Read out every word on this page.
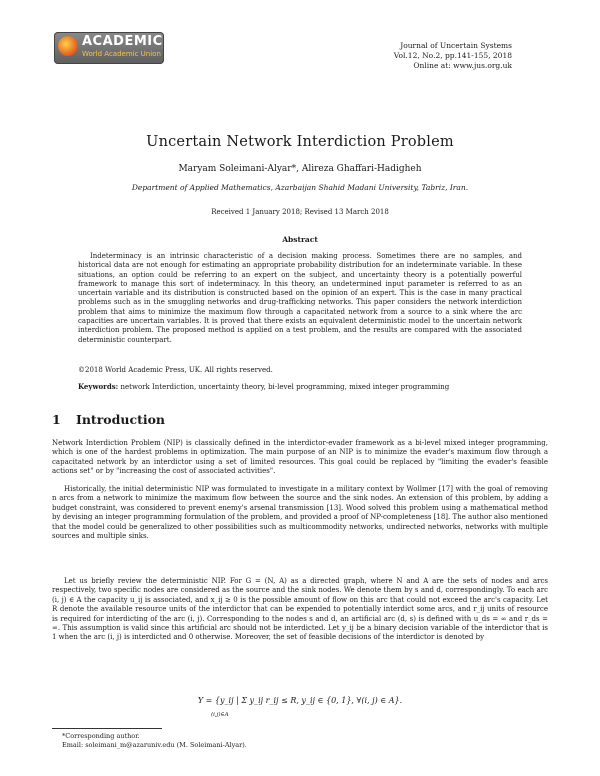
ACADEMIC
World Academic Union
Journal of Uncertain Systems
Vol.12, No.2, pp.141-155, 2018
Online at: www.jus.org.uk
Uncertain Network Interdiction Problem
Maryam Soleimani-Alyar*, Alireza Ghaffari-Hadigheh
Department of Applied Mathematics, Azarbaijan Shahid Madani University, Tabriz, Iran.
Received 1 January 2018; Revised 13 March 2018
Abstract
Indeterminacy is an intrinsic characteristic of a decision making process. Sometimes there are no samples, and historical data are not enough for estimating an appropriate probability distribution for an indeterminate variable. In these situations, an option could be referring to an expert on the subject, and uncertainty theory is a potentially powerful framework to manage this sort of indeterminacy. In this theory, an undetermined input parameter is referred to as an uncertain variable and its distribution is constructed based on the opinion of an expert. This is the case in many practical problems such as in the smuggling networks and drug-trafficking networks. This paper considers the network interdiction problem that aims to minimize the maximum flow through a capacitated network from a source to a sink where the arc capacities are uncertain variables. It is proved that there exists an equivalent deterministic model to the uncertain network interdiction problem. The proposed method is applied on a test problem, and the results are compared with the associated deterministic counterpart.
©2018 World Academic Press, UK. All rights reserved.
Keywords: network Interdiction, uncertainty theory, bi-level programming, mixed integer programming
1 Introduction
Network Interdiction Problem (NIP) is classically defined in the interdictor-evader framework as a bi-level mixed integer programming, which is one of the hardest problems in optimization. The main purpose of an NIP is to minimize the evader's maximum flow through a capacitated network by an interdictor using a set of limited resources. This goal could be replaced by "limiting the evader's feasible actions set" or by "increasing the cost of associated activities".
Historically, the initial deterministic NIP was formulated to investigate in a military context by Wollmer [17] with the goal of removing n arcs from a network to minimize the maximum flow between the source and the sink nodes. An extension of this problem, by adding a budget constraint, was considered to prevent enemy's arsenal transmission [13]. Wood solved this problem using a mathematical method by devising an integer programming formulation of the problem, and provided a proof of NP-completeness [18]. The author also mentioned that the model could be generalized to other possibilities such as multicommodity networks, undirected networks, networks with multiple sources and multiple sinks.
Let us briefly review the deterministic NIP. For G = (N, A) as a directed graph, where N and A are the sets of nodes and arcs respectively, two specific nodes are considered as the source and the sink nodes. We denote them by s and d, correspondingly. To each arc (i, j) ∈ A the capacity u_ij is associated, and x_ij ≥ 0 is the possible amount of flow on this arc that could not exceed the arc's capacity. Let R denote the available resource units of the interdictor that can be expended to potentially interdict some arcs, and r_ij units of resource is required for interdicting of the arc (i, j). Corresponding to the nodes s and d, an artificial arc (d, s) is defined with u_ds = ∞ and r_ds = ∞. This assumption is valid since this artificial arc should not be interdicted. Let y_ij be a binary decision variable of the interdictor that is 1 when the arc (i, j) is interdicted and 0 otherwise. Moreover, the set of feasible decisions of the interdictor is denoted by
Y = {y_ij | Σ y_ij r_ij ≤ R, y_ij ∈ {0, 1}, ∀(i, j) ∈ A}.
(i,j)∈A
*Corresponding author.
Email: soleimani_m@azaruniv.edu (M. Soleimani-Alyar).
